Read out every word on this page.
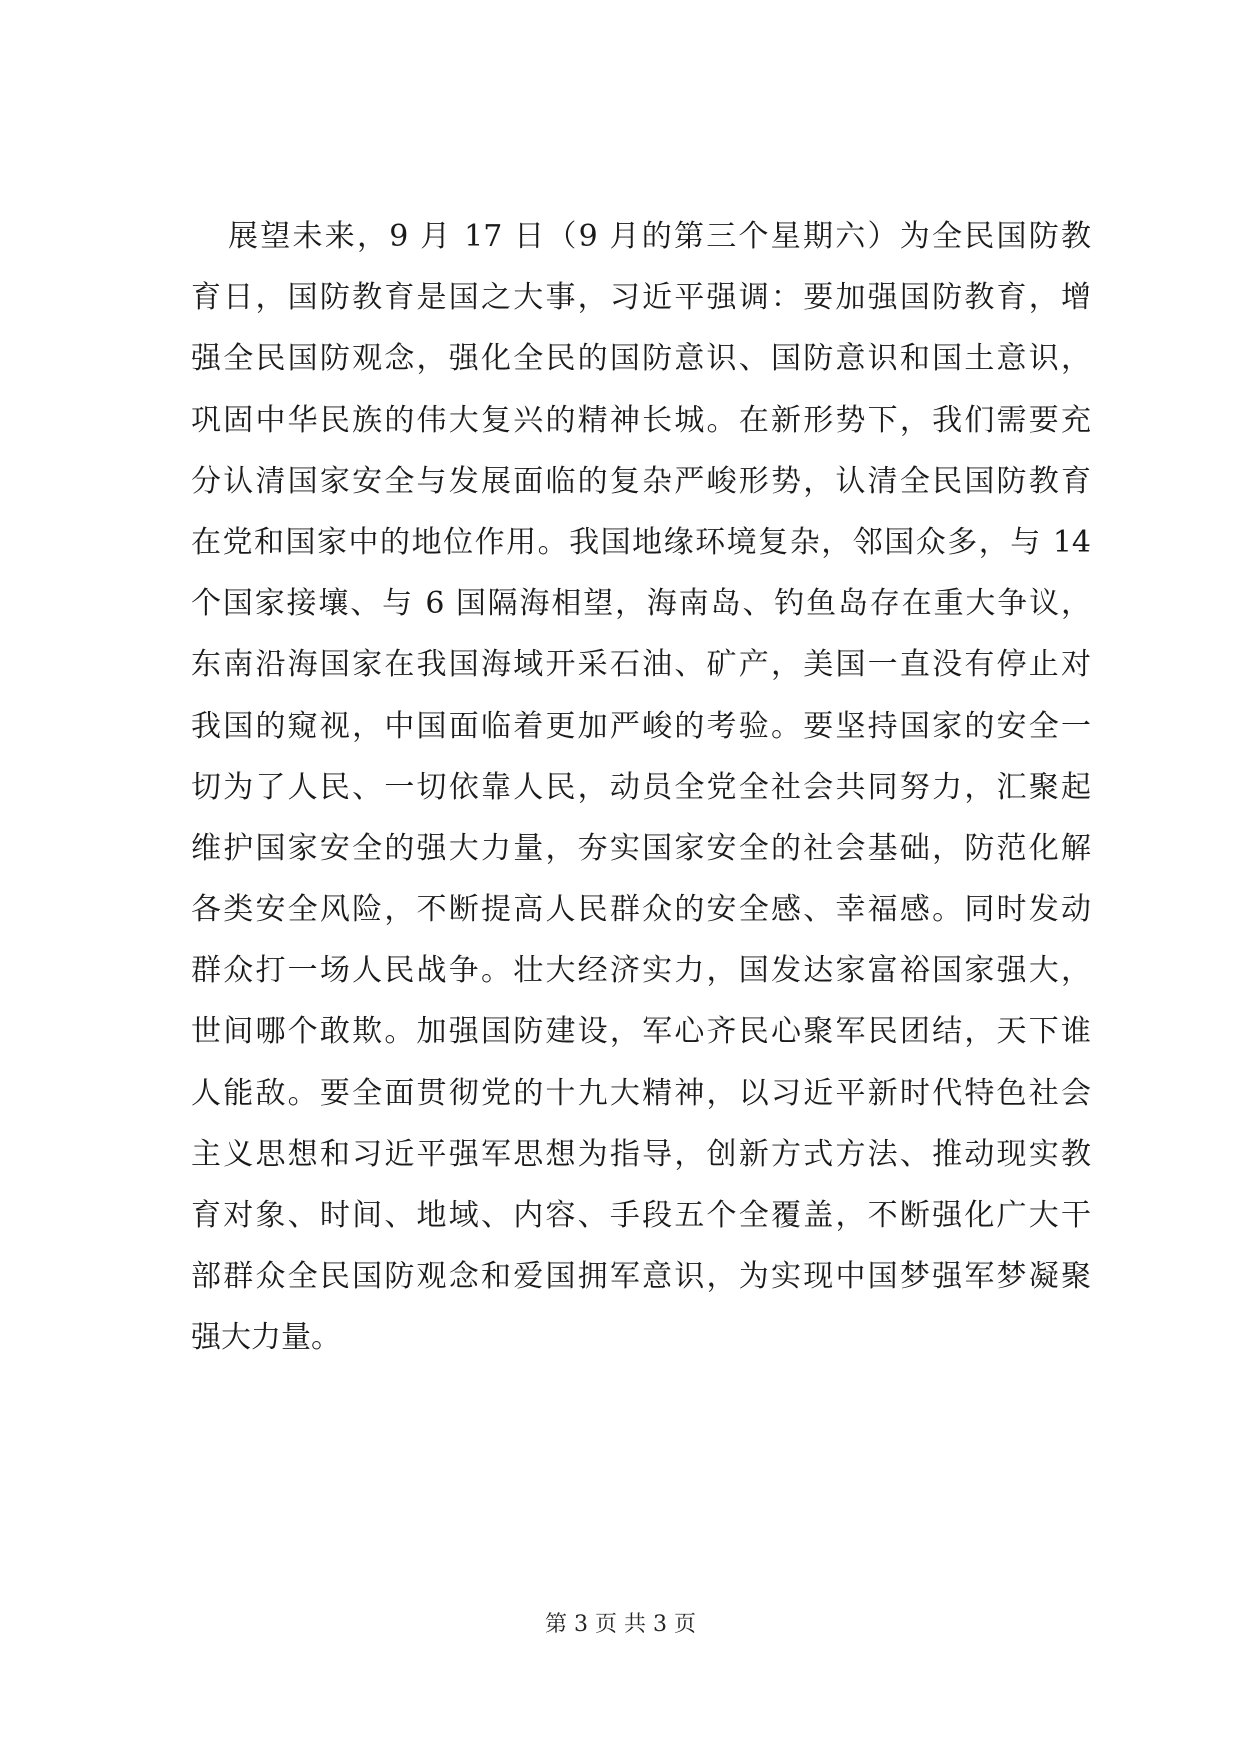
展望未来，9 月 17 日（9 月的第三个星期六）为全民国防教
育日，国防教育是国之大事，习近平强调：要加强国防教育，增
强全民国防观念，强化全民的国防意识、国防意识和国土意识，
巩固中华民族的伟大复兴的精神长城。在新形势下，我们需要充
分认清国家安全与发展面临的复杂严峻形势，认清全民国防教育
在党和国家中的地位作用。我国地缘环境复杂，邻国众多，与 14
个国家接壤、与 6 国隔海相望，海南岛、钓鱼岛存在重大争议，
东南沿海国家在我国海域开采石油、矿产，美国一直没有停止对
我国的窥视，中国面临着更加严峻的考验。要坚持国家的安全一
切为了人民、一切依靠人民，动员全党全社会共同努力，汇聚起
维护国家安全的强大力量，夯实国家安全的社会基础，防范化解
各类安全风险，不断提高人民群众的安全感、幸福感。同时发动
群众打一场人民战争。壮大经济实力，国发达家富裕国家强大，
世间哪个敢欺。加强国防建设，军心齐民心聚军民团结，天下谁
人能敌。要全面贯彻党的十九大精神，以习近平新时代特色社会
主义思想和习近平强军思想为指导，创新方式方法、推动现实教
育对象、时间、地域、内容、手段五个全覆盖，不断强化广大干
部群众全民国防观念和爱国拥军意识，为实现中国梦强军梦凝聚
强大力量。
第 3 页 共 3 页
